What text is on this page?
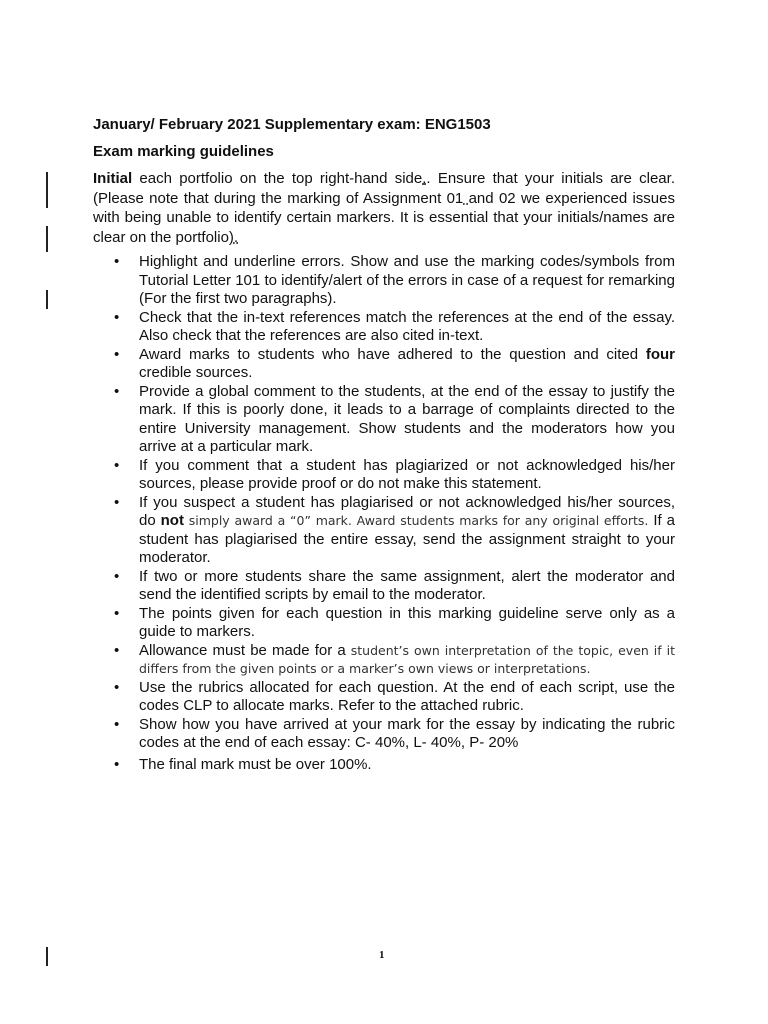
January/ February 2021 Supplementary exam: ENG1503

Exam marking guidelines

Initial each portfolio on the top right-hand side.. Ensure that your initials are clear. (Please note that during the marking of Assignment 01 and 02 we experienced issues with being unable to identify certain markers. It is essential that your initials/names are clear on the portfolio).

• Highlight and underline errors. Show and use the marking codes/symbols from Tutorial Letter 101 to identify/alert of the errors in case of a request for remarking (For the first two paragraphs).
• Check that the in-text references match the references at the end of the essay. Also check that the references are also cited in-text.
• Award marks to students who have adhered to the question and cited four credible sources.
• Provide a global comment to the students, at the end of the essay to justify the mark. If this is poorly done, it leads to a barrage of complaints directed to the entire University management. Show students and the moderators how you arrive at a particular mark.
• If you comment that a student has plagiarized or not acknowledged his/her sources, please provide proof or do not make this statement.
• If you suspect a student has plagiarised or not acknowledged his/her sources, do not simply award a “0” mark. Award students marks for any original efforts. If a student has plagiarised the entire essay, send the assignment straight to your moderator.
• If two or more students share the same assignment, alert the moderator and send the identified scripts by email to the moderator.
• The points given for each question in this marking guideline serve only as a guide to markers.
• Allowance must be made for a student’s own interpretation of the topic, even if it differs from the given points or a marker’s own views or interpretations.
• Use the rubrics allocated for each question. At the end of each script, use the codes CLP to allocate marks. Refer to the attached rubric.
• Show how you have arrived at your mark for the essay by indicating the rubric codes at the end of each essay: C- 40%, L- 40%, P- 20%
• The final mark must be over 100%.
1
